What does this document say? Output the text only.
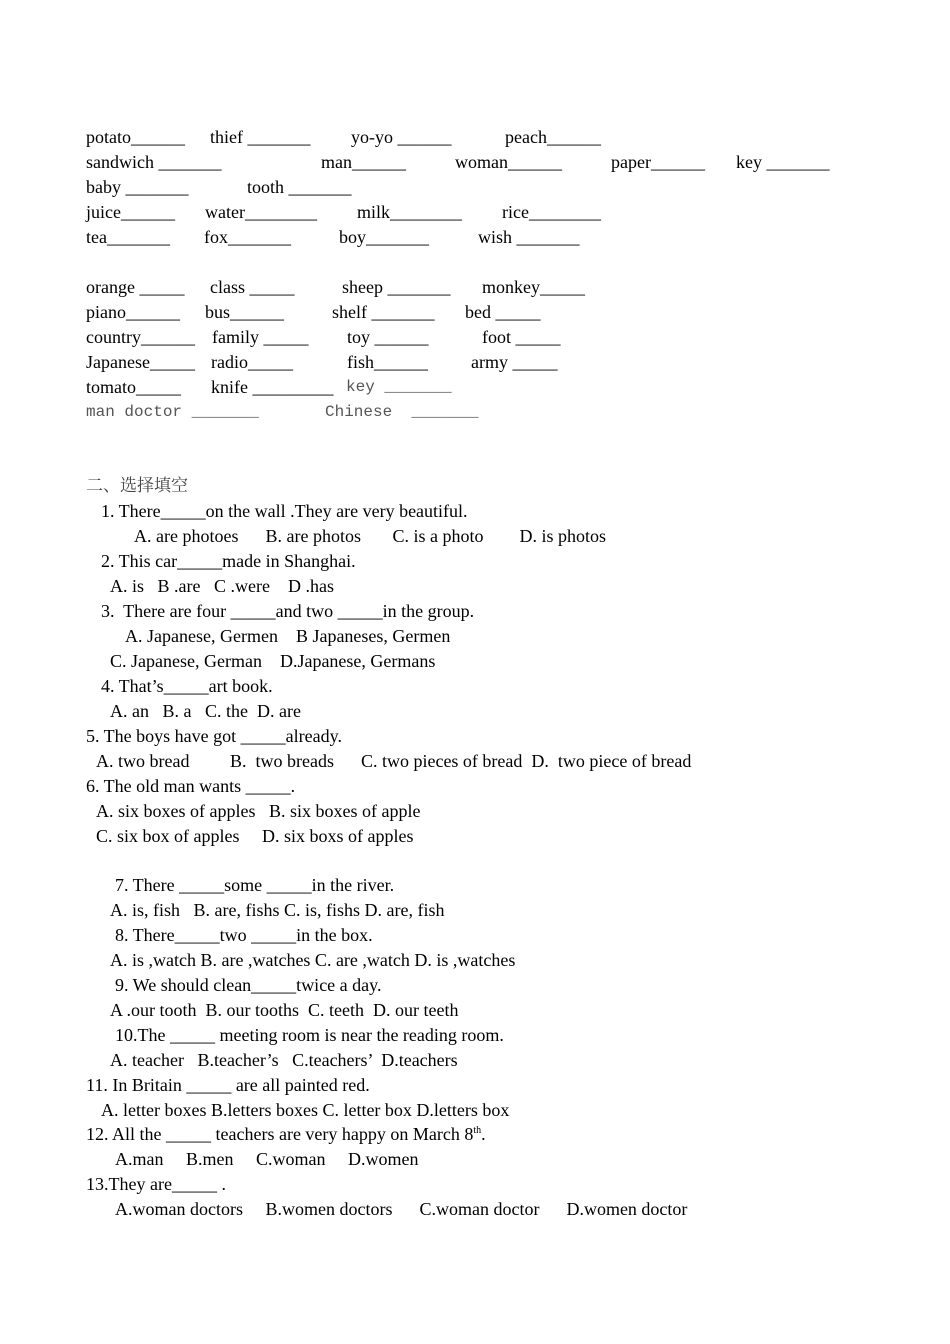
potato______ thief _______ yo-yo ______	peach______
sandwich _______	man______	woman______	paper______ key _______
baby _______	tooth _______
juice______ water________ milk________ rice________
tea_______ fox_______	boy_______	wish _______
orange _____ class _____	sheep _______ monkey_____
piano______ bus______	shelf _______ bed _____
country______ family _____ toy ______	foot _____
Japanese_____ radio_____	fish______ army _____
tomato_____ knife _________ key _______
man doctor _______	Chinese  _______
二、选择填空
1. There_____on the wall .They are very beautiful.
A. are photoes      B. are photos       C. is a photo        D. is photos
2. This car_____made in Shanghai.
A. is   B .are   C .were    D .has
3.  There are four _____and two _____in the group.
A. Japanese, Germen    B Japaneses, Germen
C. Japanese, German    D.Japanese, Germans
4. That’s_____art book.
A. an   B. a   C. the  D. are
5. The boys have got _____already.
A. two bread         B.  two breads      C. two pieces of bread  D.  two piece of bread
6. The old man wants _____.
A. six boxes of apples   B. six boxes of apple
C. six box of apples     D. six boxs of apples
7. There _____some _____in the river.
A. is, fish   B. are, fishs C. is, fishs D. are, fish
8. There_____two _____in the box.
A. is ,watch B. are ,watches C. are ,watch D. is ,watches
9. We should clean_____twice a day.
A .our tooth  B. our tooths  C. teeth  D. our teeth
10.The _____ meeting room is near the reading room.
A. teacher   B.teacher’s   C.teachers’  D.teachers
11. In Britain _____ are all painted red.
A. letter boxes B.letters boxes C. letter box D.letters box
12. All the _____ teachers are very happy on March 8th.
A.man     B.men     C.woman     D.women
13.They are_____ .
A.woman doctors     B.women doctors      C.woman doctor      D.women doctor
